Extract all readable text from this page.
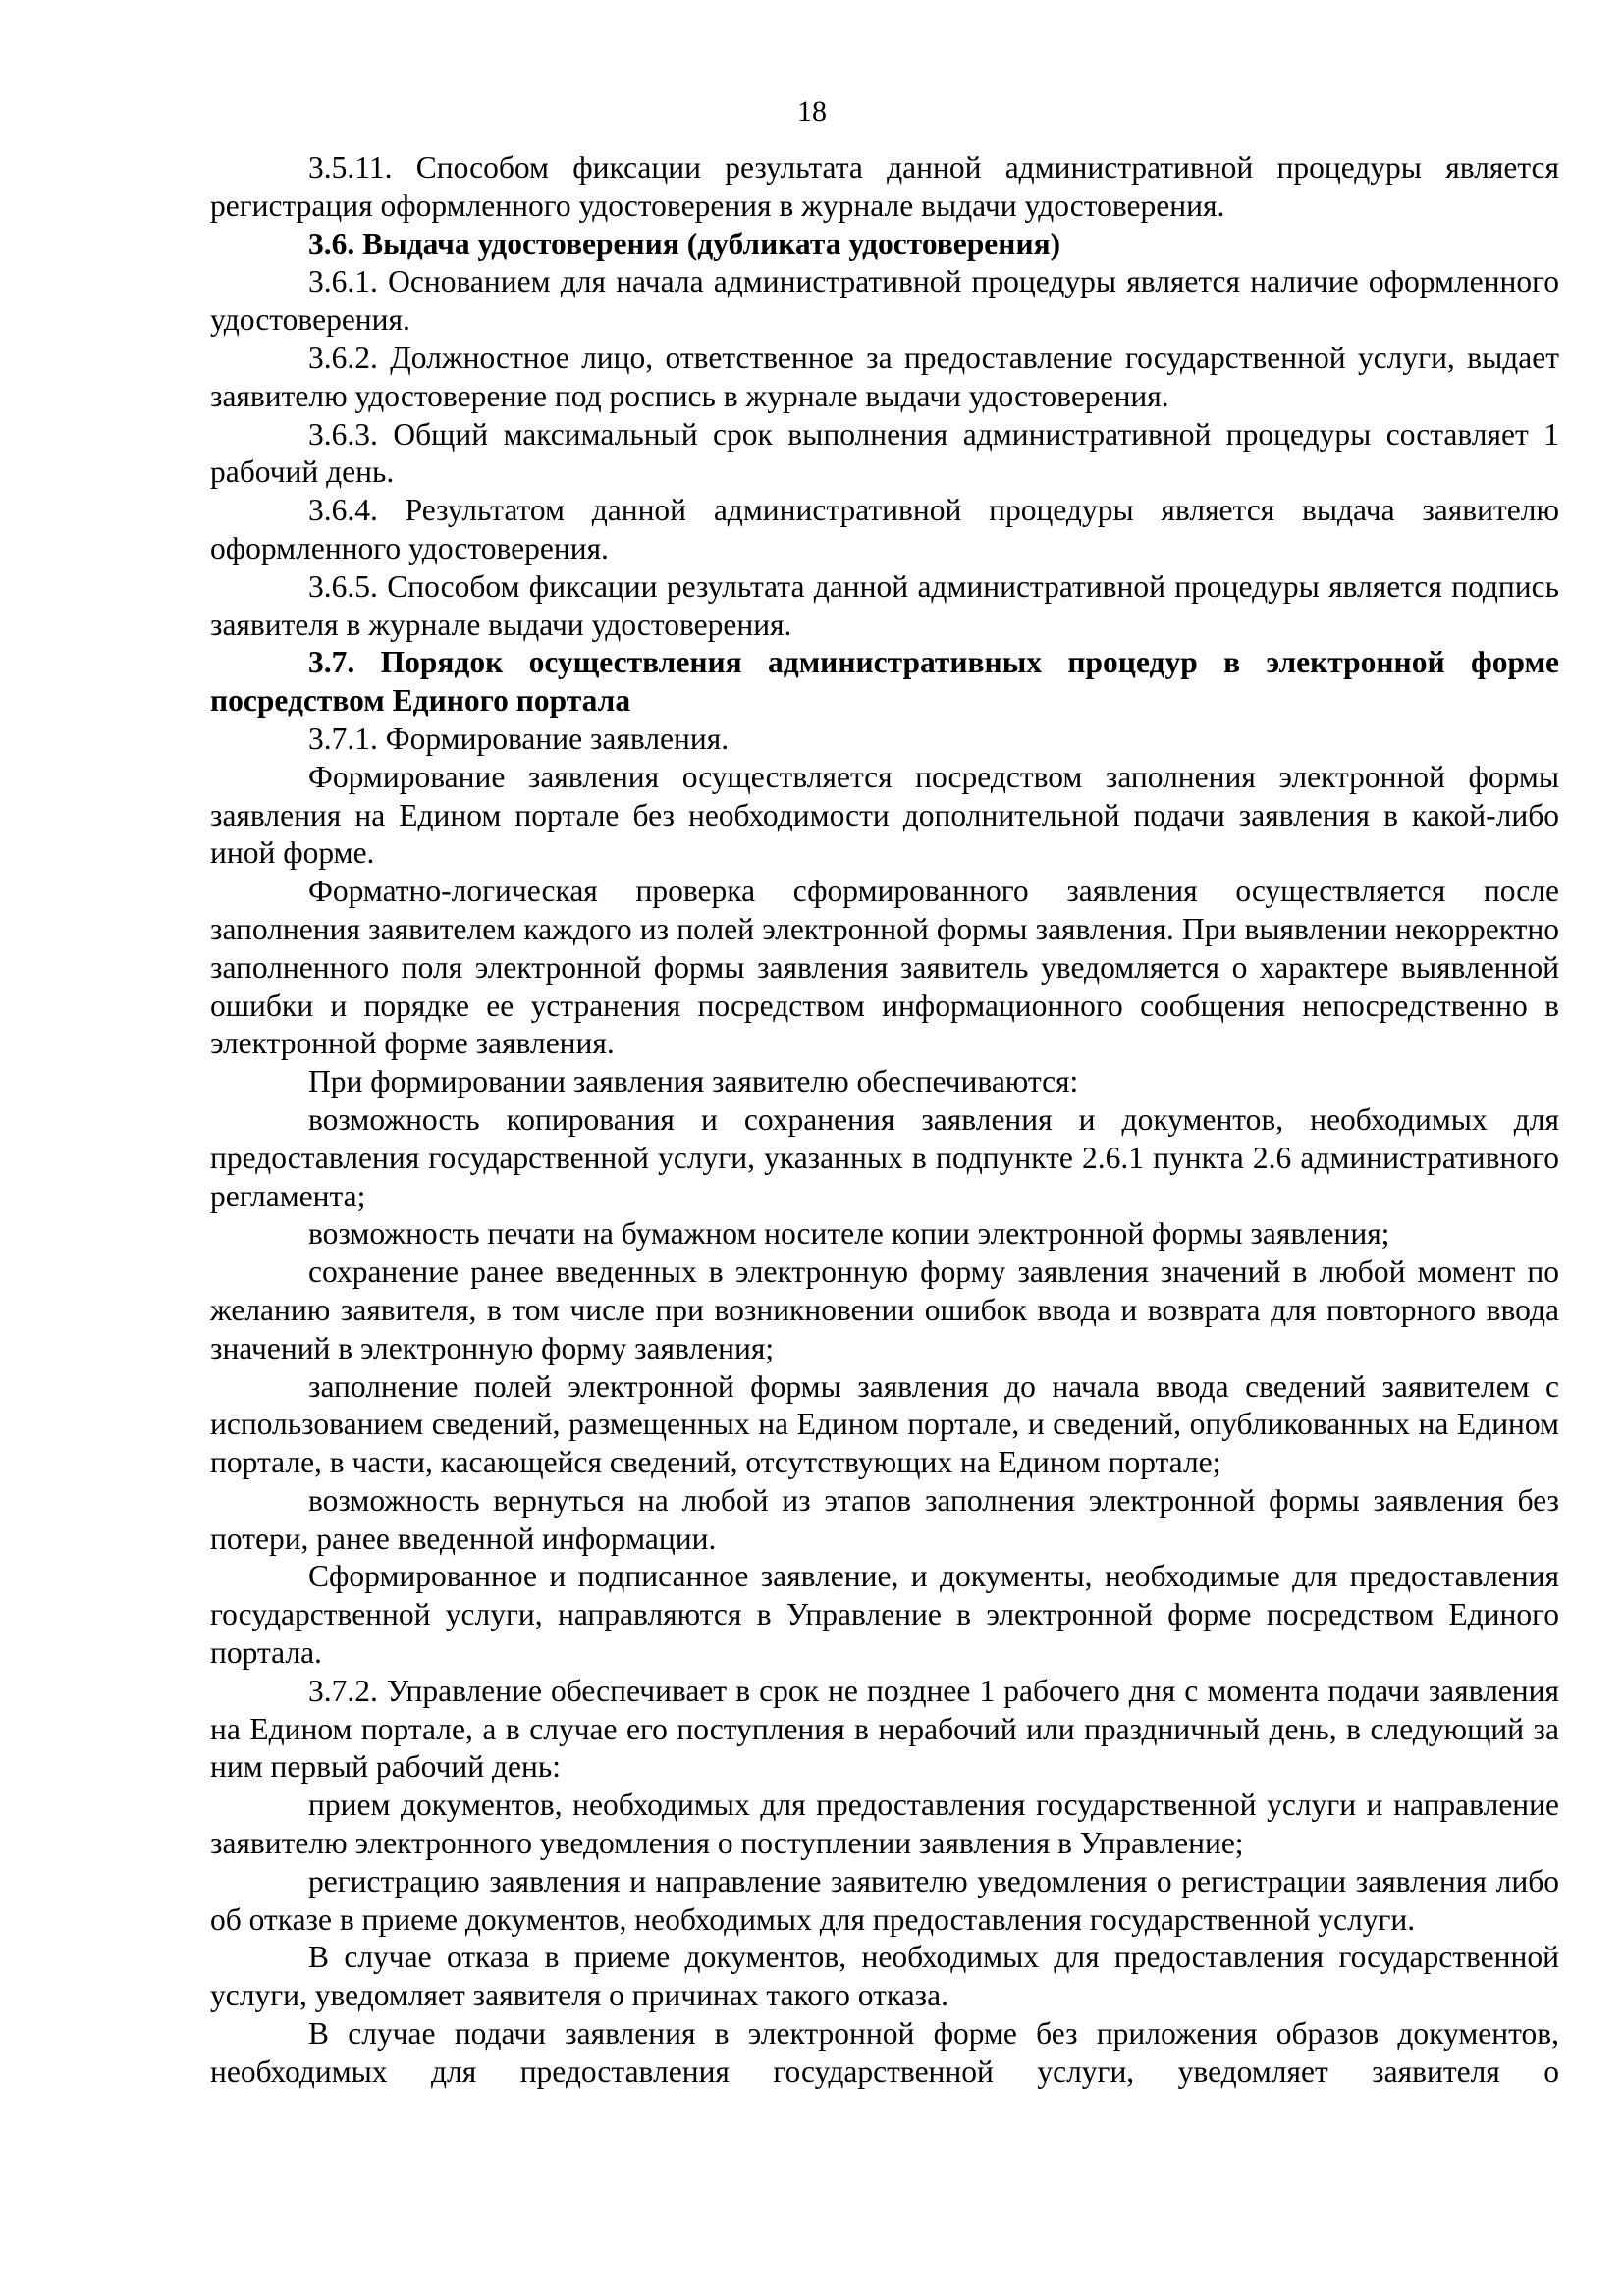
18

3.5.11. Способом фиксации результата данной административной процедуры является регистрация оформленного удостоверения в журнале выдачи удостоверения.

3.6. Выдача удостоверения (дубликата удостоверения)

3.6.1. Основанием для начала административной процедуры является наличие оформленного удостоверения.

3.6.2. Должностное лицо, ответственное за предоставление государственной услуги, выдает заявителю удостоверение под роспись в журнале выдачи удостоверения.

3.6.3. Общий максимальный срок выполнения административной процедуры составляет 1 рабочий день.

3.6.4. Результатом данной административной процедуры является выдача заявителю оформленного удостоверения.

3.6.5. Способом фиксации результата данной административной процедуры является подпись заявителя в журнале выдачи удостоверения.

3.7. Порядок осуществления административных процедур в электронной форме посредством Единого портала

3.7.1. Формирование заявления.

Формирование заявления осуществляется посредством заполнения электронной формы заявления на Едином портале без необходимости дополнительной подачи заявления в какой-либо иной форме.

Форматно-логическая проверка сформированного заявления осуществляется после заполнения заявителем каждого из полей электронной формы заявления. При выявлении некорректно заполненного поля электронной формы заявления заявитель уведомляется о характере выявленной ошибки и порядке ее устранения посредством информационного сообщения непосредственно в электронной форме заявления.

При формировании заявления заявителю обеспечиваются:

возможность копирования и сохранения заявления и документов, необходимых для предоставления государственной услуги, указанных в подпункте 2.6.1 пункта 2.6 административного регламента;

возможность печати на бумажном носителе копии электронной формы заявления;

сохранение ранее введенных в электронную форму заявления значений в любой момент по желанию заявителя, в том числе при возникновении ошибок ввода и возврата для повторного ввода значений в электронную форму заявления;

заполнение полей электронной формы заявления до начала ввода сведений заявителем с использованием сведений, размещенных на Едином портале, и сведений, опубликованных на Едином портале, в части, касающейся сведений, отсутствующих на Едином портале;

возможность вернуться на любой из этапов заполнения электронной формы заявления без потери, ранее введенной информации.

Сформированное и подписанное заявление, и документы, необходимые для предоставления государственной услуги, направляются в Управление в электронной форме посредством Единого портала.

3.7.2. Управление обеспечивает в срок не позднее 1 рабочего дня с момента подачи заявления на Едином портале, а в случае его поступления в нерабочий или праздничный день, в следующий за ним первый рабочий день:

прием документов, необходимых для предоставления государственной услуги и направление заявителю электронного уведомления о поступлении заявления в Управление;

регистрацию заявления и направление заявителю уведомления о регистрации заявления либо об отказе в приеме документов, необходимых для предоставления государственной услуги.

В случае отказа в приеме документов, необходимых для предоставления государственной услуги, уведомляет заявителя о причинах такого отказа.

В случае подачи заявления в электронной форме без приложения образов документов, необходимых для предоставления государственной услуги, уведомляет заявителя о
